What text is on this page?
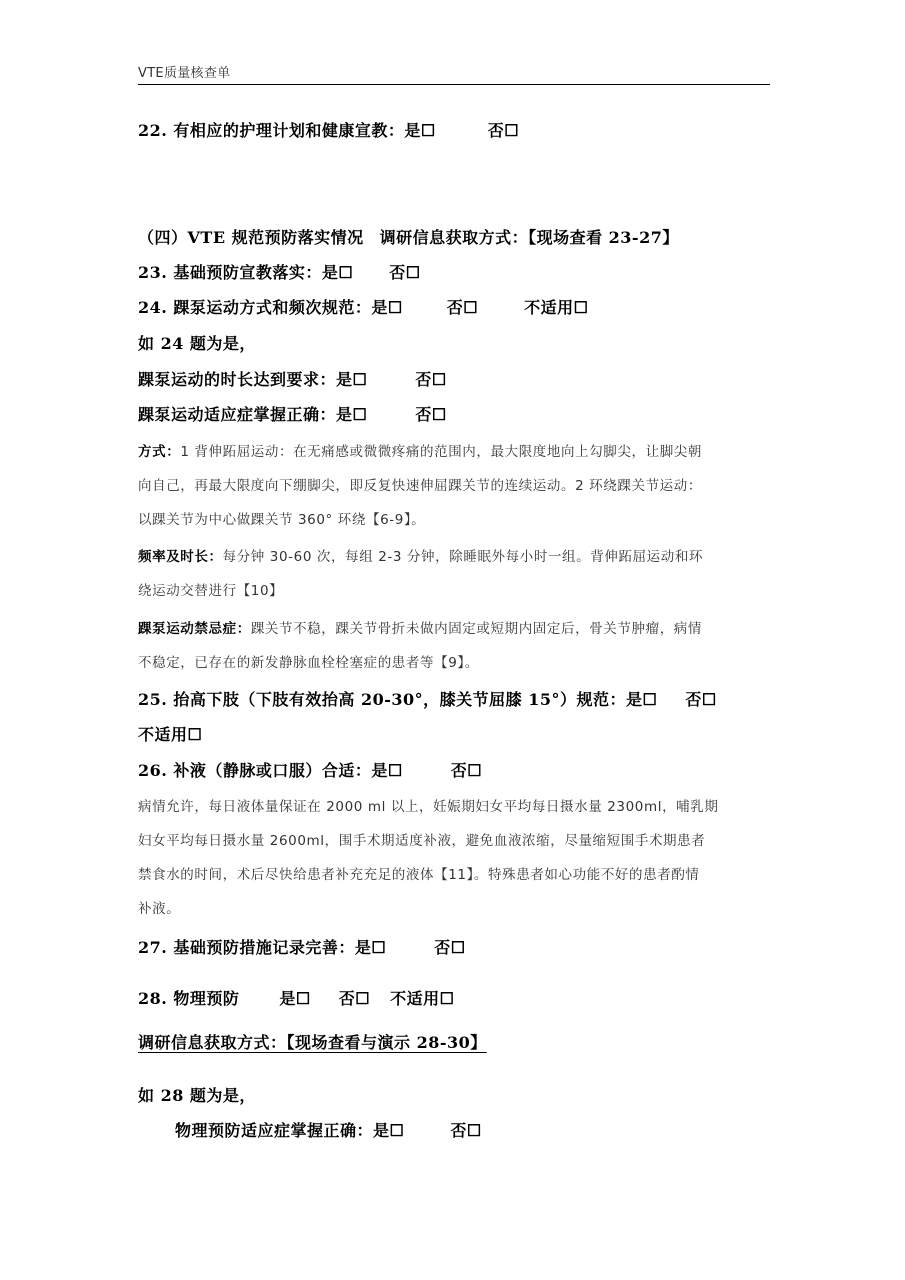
VTE质量核查单
22. 有相应的护理计划和健康宣教：是☐	否☐
（四）VTE 规范预防落实情况 调研信息获取方式：【现场查看 23-27】
23. 基础预防宣教落实：是☐ 否☐
24. 踝泵运动方式和频次规范：是☐	否☐	不适用☐
如 24 题为是，
踝泵运动的时长达到要求：是☐	否☐
踝泵运动适应症掌握正确：是☐	否☐
方式：1 背伸跖屈运动：在无痛感或微微疼痛的范围内，最大限度地向上勾脚尖，让脚尖朝
向自己，再最大限度向下绷脚尖，即反复快速伸屈踝关节的连续运动。2 环绕踝关节运动：
以踝关节为中心做踝关节 360° 环绕【6-9】。
频率及时长：每分钟 30-60 次，每组 2-3 分钟，除睡眠外每小时一组。背伸跖屈运动和环
绕运动交替进行【10】
踝泵运动禁忌症：踝关节不稳，踝关节骨折未做内固定或短期内固定后，骨关节肿瘤，病情
不稳定，已存在的新发静脉血栓栓塞症的患者等【9】。
25. 抬高下肢（下肢有效抬高 20-30°，膝关节屈膝 15°）规范：是☐ 否☐
不适用☐
26. 补液（静脉或口服）合适：是☐	否☐
病情允许，每日液体量保证在 2000 ml 以上，妊娠期妇女平均每日摄水量 2300ml，哺乳期
妇女平均每日摄水量 2600ml，围手术期适度补液，避免血液浓缩，尽量缩短围手术期患者
禁食水的时间，术后尽快给患者补充充足的液体【11】。特殊患者如心功能不好的患者酌情
补液。
27. 基础预防措施记录完善：是☐	否☐
28. 物理预防	是☐ 否☐ 不适用☐
调研信息获取方式：【现场查看与演示 28-30】
如 28 题为是，
物理预防适应症掌握正确：是☐	否☐
